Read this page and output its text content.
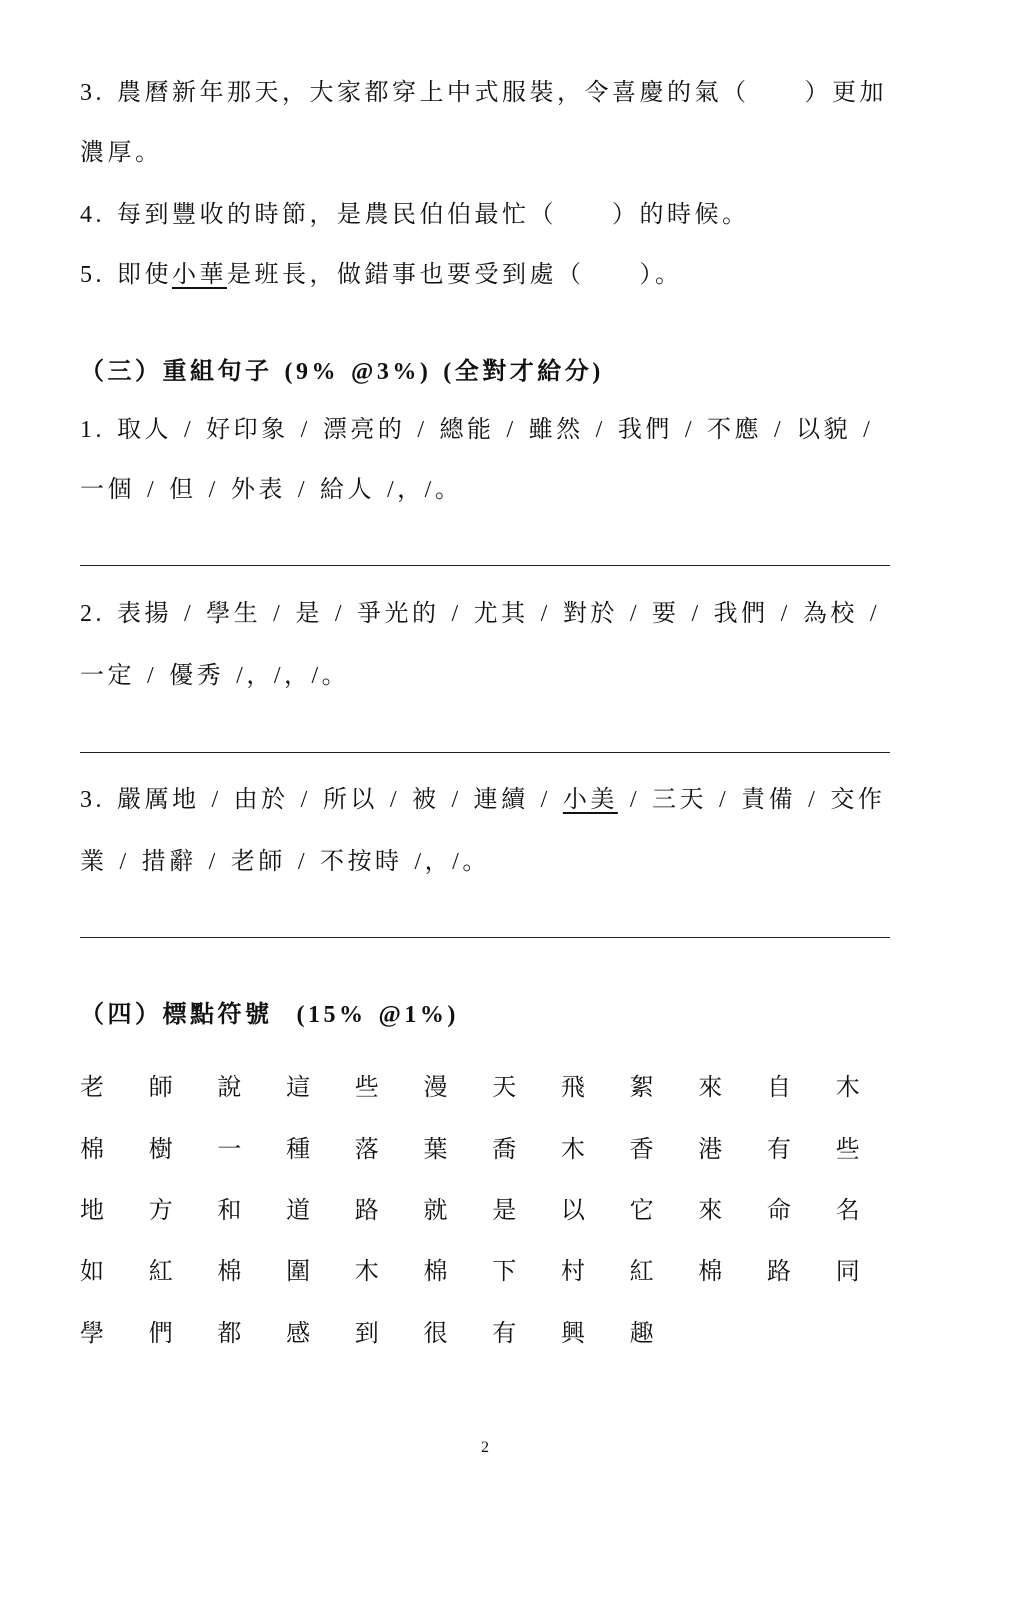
3. 農曆新年那天，大家都穿上中式服裝，令喜慶的氣（　　）更加
濃厚。
4. 每到豐收的時節，是農民伯伯最忙（　　）的時候。
5. 即使小華是班長，做錯事也要受到處（　　）。
（三）重組句子 (9% @3%) (全對才給分)
1. 取人 / 好印象 / 漂亮的 / 總能 / 雖然 / 我們 / 不應 / 以貌 /
一個 / 但 / 外表 / 給人 /，/。
2. 表揚 / 學生 / 是 / 爭光的 / 尤其 / 對於 / 要 / 我們 / 為校 /
一定 / 優秀 /，/，/。
3. 嚴厲地 / 由於 / 所以 / 被 / 連續 / 小美 / 三天 / 責備 / 交作
業 / 措辭 / 老師 / 不按時 /，/。
（四）標點符號  (15% @1%)
老師說這些漫天飛絮來自木
棉樹一種落葉喬木香港有些
地方和道路就是以它來命名
如紅棉圍木棉下村紅棉路同
學們都感到很有興趣
2
